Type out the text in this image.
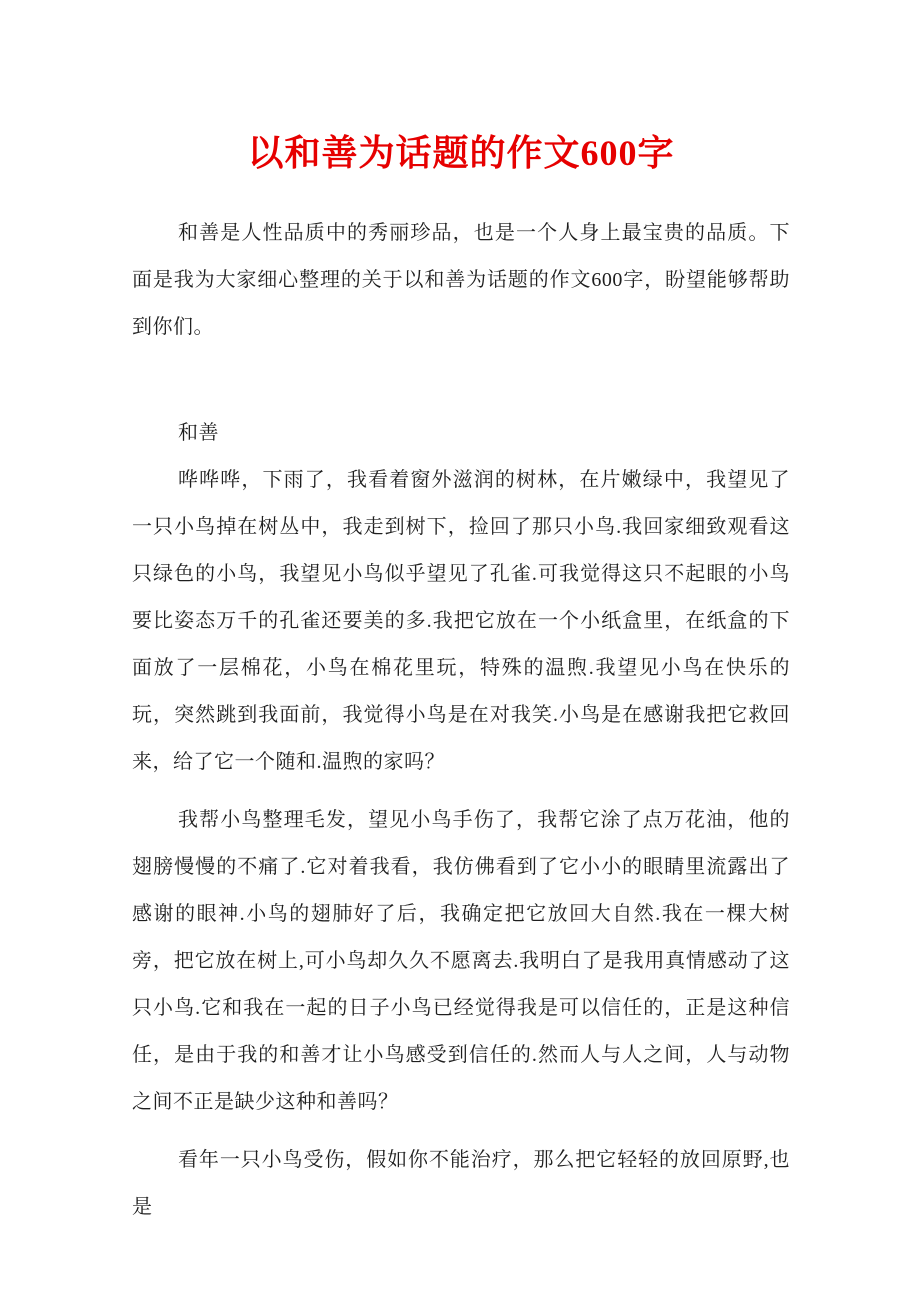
以和善为话题的作文600字

和善是人性品质中的秀丽珍品，也是一个人身上最宝贵的品质。下面是我为大家细心整理的关于以和善为话题的作文600字，盼望能够帮助到你们。

和善

哗哗哗，下雨了，我看着窗外滋润的树林，在片嫩绿中，我望见了一只小鸟掉在树丛中，我走到树下，捡回了那只小鸟.我回家细致观看这只绿色的小鸟，我望见小鸟似乎望见了孔雀.可我觉得这只不起眼的小鸟要比姿态万千的孔雀还要美的多.我把它放在一个小纸盒里，在纸盒的下面放了一层棉花，小鸟在棉花里玩，特殊的温煦.我望见小鸟在快乐的玩，突然跳到我面前，我觉得小鸟是在对我笑.小鸟是在感谢我把它救回来，给了它一个随和.温煦的家吗？

我帮小鸟整理毛发，望见小鸟手伤了，我帮它涂了点万花油，他的翅膀慢慢的不痛了.它对着我看，我仿佛看到了它小小的眼睛里流露出了感谢的眼神.小鸟的翅肺好了后，我确定把它放回大自然.我在一棵大树旁，把它放在树上,可小鸟却久久不愿离去.我明白了是我用真情感动了这只小鸟.它和我在一起的日子小鸟已经觉得我是可以信任的，正是这种信任，是由于我的和善才让小鸟感受到信任的.然而人与人之间，人与动物之间不正是缺少这种和善吗？

看年一只小鸟受伤，假如你不能治疗，那么把它轻轻的放回原野,也是
